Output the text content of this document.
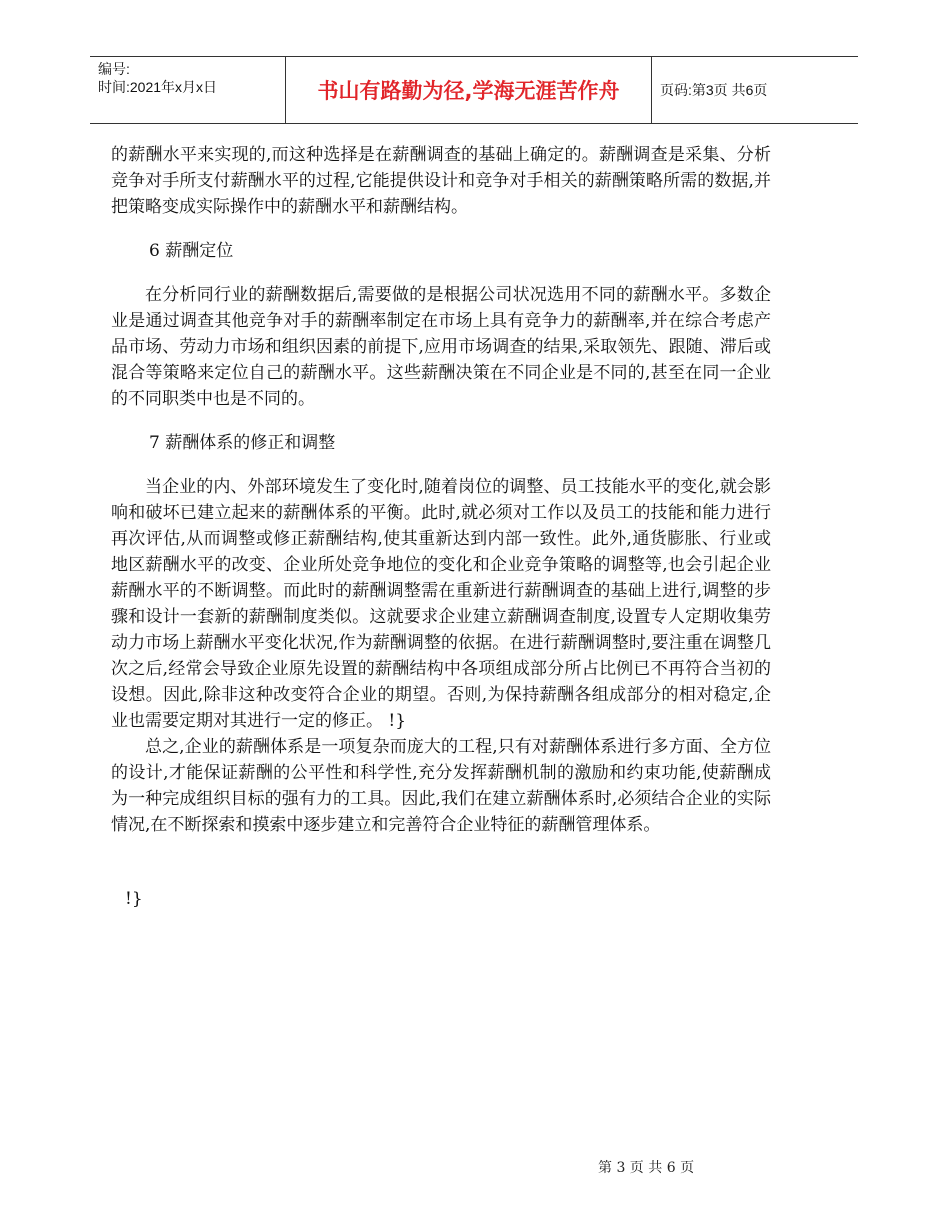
编号:
时间:2021年x月x日	书山有路勤为径,学海无涯苦作舟	页码:第3页 共6页

的薪酬水平来实现的,而这种选择是在薪酬调查的基础上确定的。薪酬调查是采集、分析竞争对手所支付薪酬水平的过程,它能提供设计和竞争对手相关的薪酬策略所需的数据,并把策略变成实际操作中的薪酬水平和薪酬结构。

6 薪酬定位

在分析同行业的薪酬数据后,需要做的是根据公司状况选用不同的薪酬水平。多数企业是通过调查其他竞争对手的薪酬率制定在市场上具有竞争力的薪酬率,并在综合考虑产品市场、劳动力市场和组织因素的前提下,应用市场调查的结果,采取领先、跟随、滞后或混合等策略来定位自己的薪酬水平。这些薪酬决策在不同企业是不同的,甚至在同一企业的不同职类中也是不同的。

7 薪酬体系的修正和调整

当企业的内、外部环境发生了变化时,随着岗位的调整、员工技能水平的变化,就会影响和破坏已建立起来的薪酬体系的平衡。此时,就必须对工作以及员工的技能和能力进行再次评估,从而调整或修正薪酬结构,使其重新达到内部一致性。此外,通货膨胀、行业或地区薪酬水平的改变、企业所处竞争地位的变化和企业竞争策略的调整等,也会引起企业薪酬水平的不断调整。而此时的薪酬调整需在重新进行薪酬调查的基础上进行,调整的步骤和设计一套新的薪酬制度类似。这就要求企业建立薪酬调查制度,设置专人定期收集劳动力市场上薪酬水平变化状况,作为薪酬调整的依据。在进行薪酬调整时,要注重在调整几次之后,经常会导致企业原先设置的薪酬结构中各项组成部分所占比例已不再符合当初的设想。因此,除非这种改变符合企业的期望。否则,为保持薪酬各组成部分的相对稳定,企业也需要定期对其进行一定的修正。 !}

总之,企业的薪酬体系是一项复杂而庞大的工程,只有对薪酬体系进行多方面、全方位的设计,才能保证薪酬的公平性和科学性,充分发挥薪酬机制的激励和约束功能,使薪酬成为一种完成组织目标的强有力的工具。因此,我们在建立薪酬体系时,必须结合企业的实际情况,在不断探索和摸索中逐步建立和完善符合企业特征的薪酬管理体系。

!}

第 3 页 共 6 页
